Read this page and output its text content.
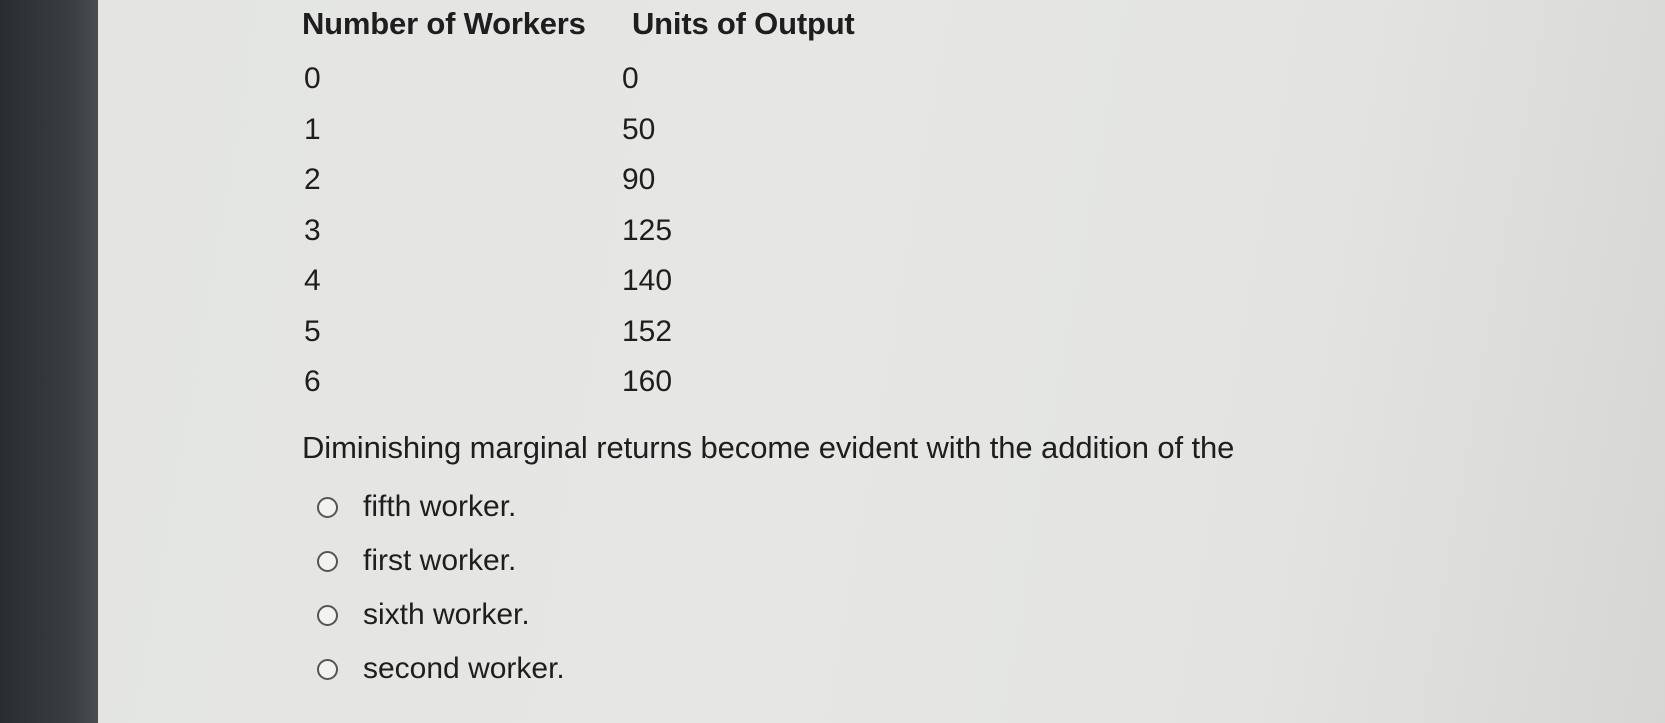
Number of Workers	Units of Output
0	0
1	50
2	90
3	125
4	140
5	152
6	160
Diminishing marginal returns become evident with the addition of the
fifth worker.
first worker.
sixth worker.
second worker.
